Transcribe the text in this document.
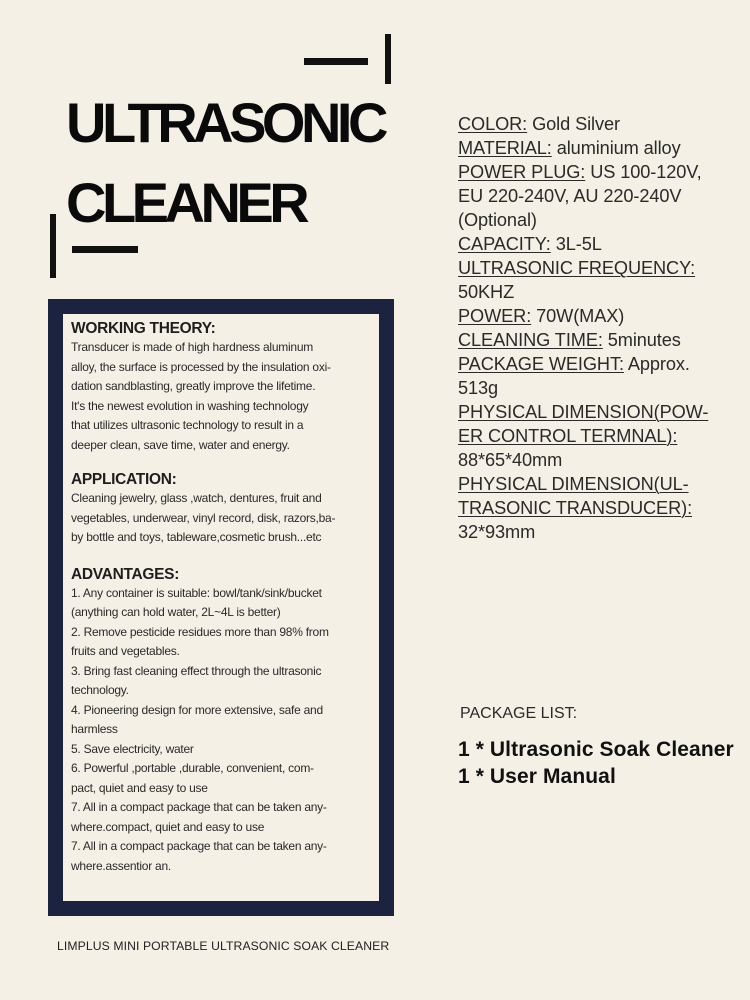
ULTRASONIC
CLEANER
WORKING THEORY:
Transducer is made of high hardness aluminum
alloy, the surface is processed by the insulation oxi-
dation sandblasting, greatly improve the lifetime.
It's the newest evolution in washing technology
that utilizes ultrasonic technology to result in a
deeper clean, save time, water and energy.
APPLICATION:
Cleaning jewelry, glass ,watch, dentures, fruit and
vegetables, underwear, vinyl record, disk, razors,ba-
by bottle and toys, tableware,cosmetic brush...etc
ADVANTAGES:
1. Any container is suitable: bowl/tank/sink/bucket
(anything can hold water, 2L~4L is better)
2. Remove pesticide residues more than 98% from
fruits and vegetables.
3. Bring fast cleaning effect through the ultrasonic
technology.
4. Pioneering design for more extensive, safe and
harmless
5. Save electricity, water
6. Powerful ,portable ,durable, convenient, com-
pact, quiet and easy to use
7. All in a compact package that can be taken any-
where.compact, quiet and easy to use
7. All in a compact package that can be taken any-
where.assentior an.
COLOR: Gold Silver
MATERIAL: aluminium alloy
POWER PLUG: US 100-120V,
EU 220-240V, AU 220-240V
(Optional)
CAPACITY: 3L-5L
ULTRASONIC FREQUENCY:
50KHZ
POWER: 70W(MAX)
CLEANING TIME: 5minutes
PACKAGE WEIGHT: Approx.
513g
PHYSICAL DIMENSION(POW-
ER CONTROL TERMNAL):
88*65*40mm
PHYSICAL DIMENSION(UL-
TRASONIC TRANSDUCER):
32*93mm
PACKAGE LIST:
1 * Ultrasonic Soak Cleaner
1 * User Manual
LIMPLUS MINI PORTABLE ULTRASONIC SOAK CLEANER
